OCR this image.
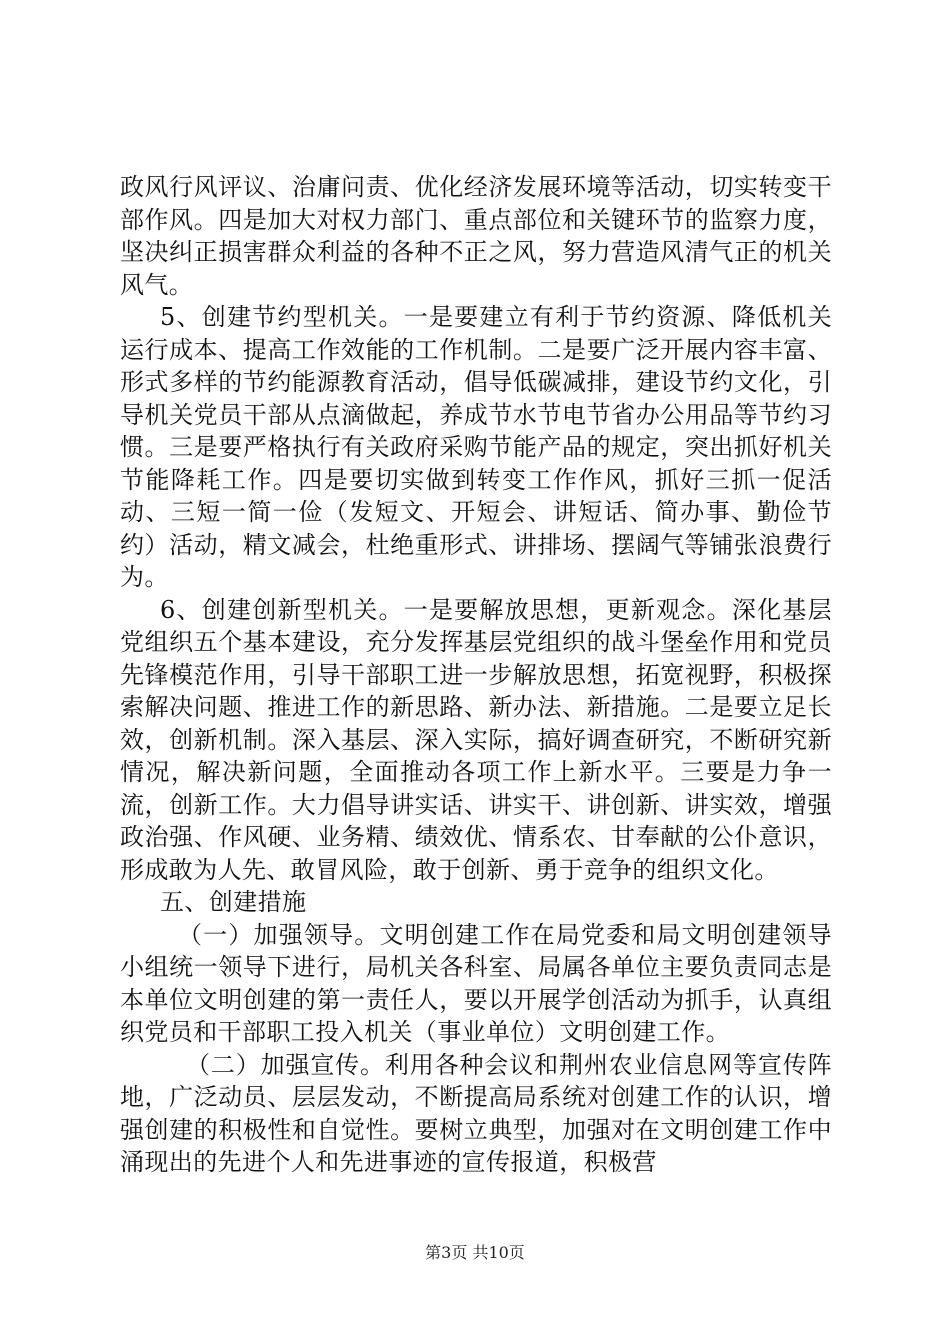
政风行风评议、治庸问责、优化经济发展环境等活动，切实转变干部作风。四是加大对权力部门、重点部位和关键环节的监察力度，坚决纠正损害群众利益的各种不正之风，努力营造风清气正的机关风气。

5、创建节约型机关。一是要建立有利于节约资源、降低机关运行成本、提高工作效能的工作机制。二是要广泛开展内容丰富、形式多样的节约能源教育活动，倡导低碳减排，建设节约文化，引导机关党员干部从点滴做起，养成节水节电节省办公用品等节约习惯。三是要严格执行有关政府采购节能产品的规定，突出抓好机关节能降耗工作。四是要切实做到转变工作作风，抓好三抓一促活动、三短一简一俭（发短文、开短会、讲短话、简办事、勤俭节约）活动，精文减会，杜绝重形式、讲排场、摆阔气等铺张浪费行为。

6、创建创新型机关。一是要解放思想，更新观念。深化基层党组织五个基本建设，充分发挥基层党组织的战斗堡垒作用和党员先锋模范作用，引导干部职工进一步解放思想，拓宽视野，积极探索解决问题、推进工作的新思路、新办法、新措施。二是要立足长效，创新机制。深入基层、深入实际，搞好调查研究，不断研究新情况，解决新问题，全面推动各项工作上新水平。三要是力争一流，创新工作。大力倡导讲实话、讲实干、讲创新、讲实效，增强政治强、作风硬、业务精、绩效优、情系农、甘奉献的公仆意识，形成敢为人先、敢冒风险，敢于创新、勇于竞争的组织文化。

五、创建措施

（一）加强领导。文明创建工作在局党委和局文明创建领导小组统一领导下进行，局机关各科室、局属各单位主要负责同志是本单位文明创建的第一责任人，要以开展学创活动为抓手，认真组织党员和干部职工投入机关（事业单位）文明创建工作。

（二）加强宣传。利用各种会议和荆州农业信息网等宣传阵地，广泛动员、层层发动，不断提高局系统对创建工作的认识，增强创建的积极性和自觉性。要树立典型，加强对在文明创建工作中涌现出的先进个人和先进事迹的宣传报道，积极营

第3页 共10页
